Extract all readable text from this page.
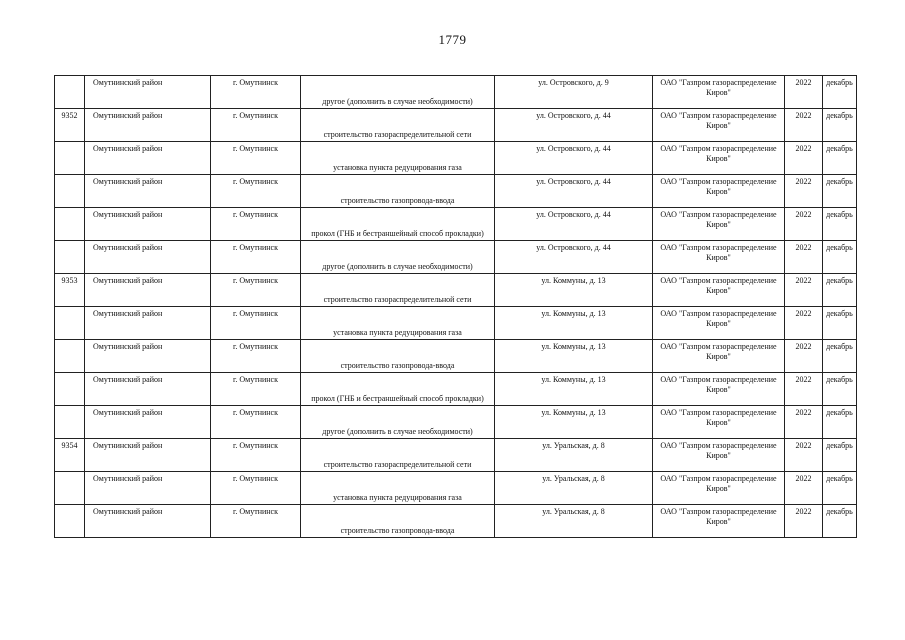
1779

	Омутнинский район	г. Омутнинск	другое (дополнить в случае необходимости)	ул. Островского, д. 9	ОАО "Газпром газораспределение Киров"	2022	декабрь

9352	Омутнинский район	г. Омутнинск	строительство газораспределительной сети	ул. Островского, д. 44	ОАО "Газпром газораспределение Киров"	2022	декабрь

	Омутнинский район	г. Омутнинск	установка пункта редуцирования газа	ул. Островского, д. 44	ОАО "Газпром газораспределение Киров"	2022	декабрь

	Омутнинский район	г. Омутнинск	строительство газопровода-ввода	ул. Островского, д. 44	ОАО "Газпром газораспределение Киров"	2022	декабрь

	Омутнинский район	г. Омутнинск	прокол (ГНБ и бестраншейный способ прокладки)	ул. Островского, д. 44	ОАО "Газпром газораспределение Киров"	2022	декабрь

	Омутнинский район	г. Омутнинск	другое (дополнить в случае необходимости)	ул. Островского, д. 44	ОАО "Газпром газораспределение Киров"	2022	декабрь

9353	Омутнинский район	г. Омутнинск	строительство газораспределительной сети	ул. Коммуны, д. 13	ОАО "Газпром газораспределение Киров"	2022	декабрь

	Омутнинский район	г. Омутнинск	установка пункта редуцирования газа	ул. Коммуны, д. 13	ОАО "Газпром газораспределение Киров"	2022	декабрь

	Омутнинский район	г. Омутнинск	строительство газопровода-ввода	ул. Коммуны, д. 13	ОАО "Газпром газораспределение Киров"	2022	декабрь

	Омутнинский район	г. Омутнинск	прокол (ГНБ и бестраншейный способ прокладки)	ул. Коммуны, д. 13	ОАО "Газпром газораспределение Киров"	2022	декабрь

	Омутнинский район	г. Омутнинск	другое (дополнить в случае необходимости)	ул. Коммуны, д. 13	ОАО "Газпром газораспределение Киров"	2022	декабрь

9354	Омутнинский район	г. Омутнинск	строительство газораспределительной сети	ул. Уральская, д. 8	ОАО "Газпром газораспределение Киров"	2022	декабрь

	Омутнинский район	г. Омутнинск	установка пункта редуцирования газа	ул. Уральская, д. 8	ОАО "Газпром газораспределение Киров"	2022	декабрь

	Омутнинский район	г. Омутнинск	строительство газопровода-ввода	ул. Уральская, д. 8	ОАО "Газпром газораспределение Киров"	2022	декабрь
